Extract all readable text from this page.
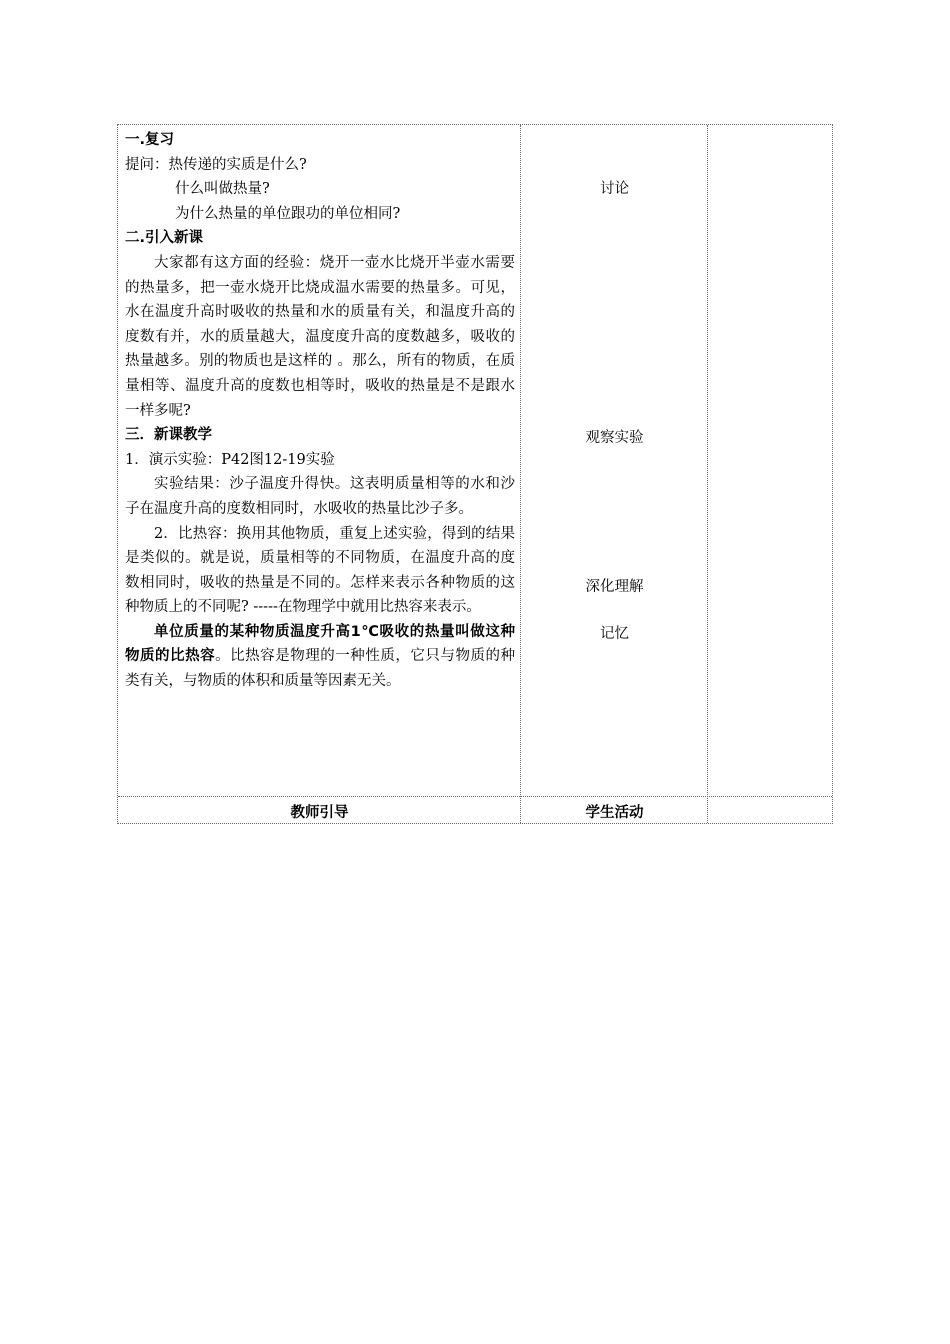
一.复习

提问：热传递的实质是什么?

什么叫做热量?

为什么热量的单位跟功的单位相同?

二.引入新课

大家都有这方面的经验：烧开一壶水比烧开半壶水需要的热量多，把一壶水烧开比烧成温水需要的热量多。可见，水在温度升高时吸收的热量和水的质量有关，和温度升高的度数有并，水的质量越大，温度度升高的度数越多，吸收的热量越多。别的物质也是这样的 。那么，所有的物质，在质量相等、温度升高的度数也相等时，吸收的热量是不是跟水一样多呢?

三．新课教学

1．演示实验：P42图12-19实验

实验结果：沙子温度升得快。这表明质量相等的水和沙子在温度升高的度数相同时，水吸收的热量比沙子多。

2．比热容：换用其他物质，重复上述实验，得到的结果是类似的。就是说，质量相等的不同物质，在温度升高的度数相同时，吸收的热量是不同的。怎样来表示各种物质的这种物质上的不同呢? -----在物理学中就用比热容来表示。

单位质量的某种物质温度升高1℃吸收的热量叫做这种物质的比热容。比热容是物理的一种性质，它只与物质的种类有关，与物质的体积和质量等因素无关。

讨论
观察实验
深化理解
记忆
教师引导	学生活动
